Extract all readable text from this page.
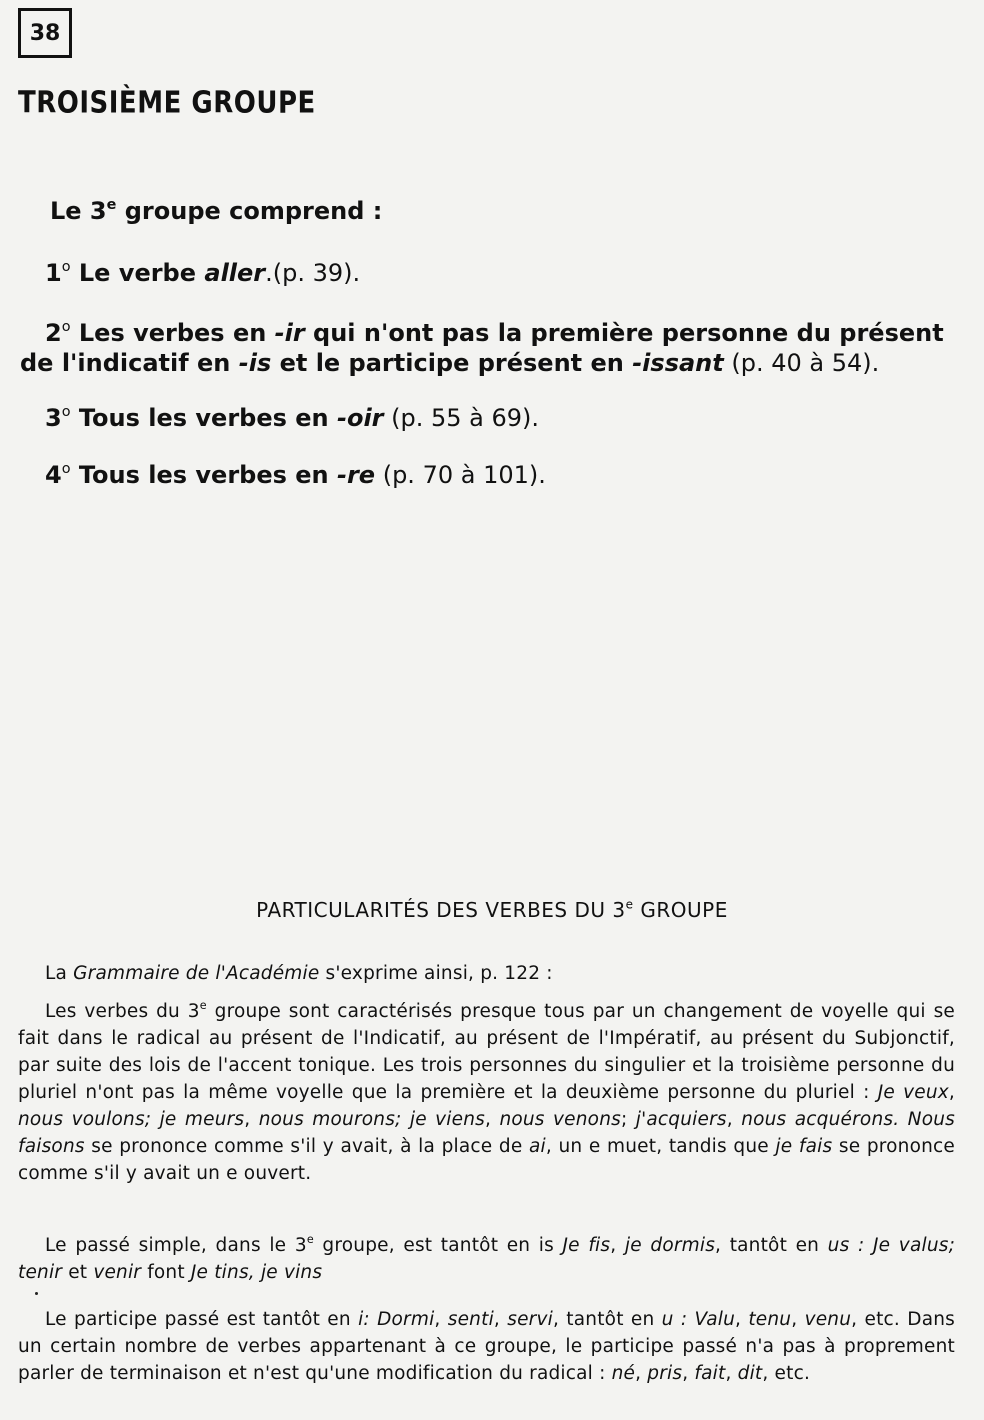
38
TROISIÈME GROUPE
Le 3e groupe comprend :
1$^o$ Le verbe aller.(p. 39).
2$^o$ Les verbes en -ir qui n'ont pas la première personne du présent
de l'indicatif en -is et le participe présent en -issant (p. 40 à 54).
3$^o$ Tous les verbes en -oir (p. 55 à 69).
4$^o$ Tous les verbes en -re (p. 70 à 101).
PARTICULARITÉS DES VERBES DU 3e GROUPE
La Grammaire de l'Académie s'exprime ainsi, p. 122 :
Les verbes du 3e groupe sont caractérisés presque tous par un changement de voyelle qui se fait dans le radical au présent de l'Indicatif, au présent de l'Impératif, au présent du Subjonctif, par suite des lois de l'accent tonique. Les trois personnes du singulier et la troisième personne du pluriel n'ont pas la même voyelle que la première et la deuxième personne du pluriel : Je veux, nous voulons; je meurs, nous mourons; je viens, nous venons; j'acquiers, nous acquérons. Nous faisons se prononce comme s'il y avait, à la place de ai, un e muet, tandis que je fais se prononce comme s'il y avait un e ouvert.
Le passé simple, dans le 3e groupe, est tantôt en is Je fis, je dormis, tantôt en us : Je valus; tenir et venir font Je tins, je vins
Le participe passé est tantôt en i: Dormi, senti, servi, tantôt en u : Valu, tenu, venu, etc. Dans un certain nombre de verbes appartenant à ce groupe, le participe passé n'a pas à proprement parler de terminaison et n'est qu'une modification du radical : né, pris, fait, dit, etc.
